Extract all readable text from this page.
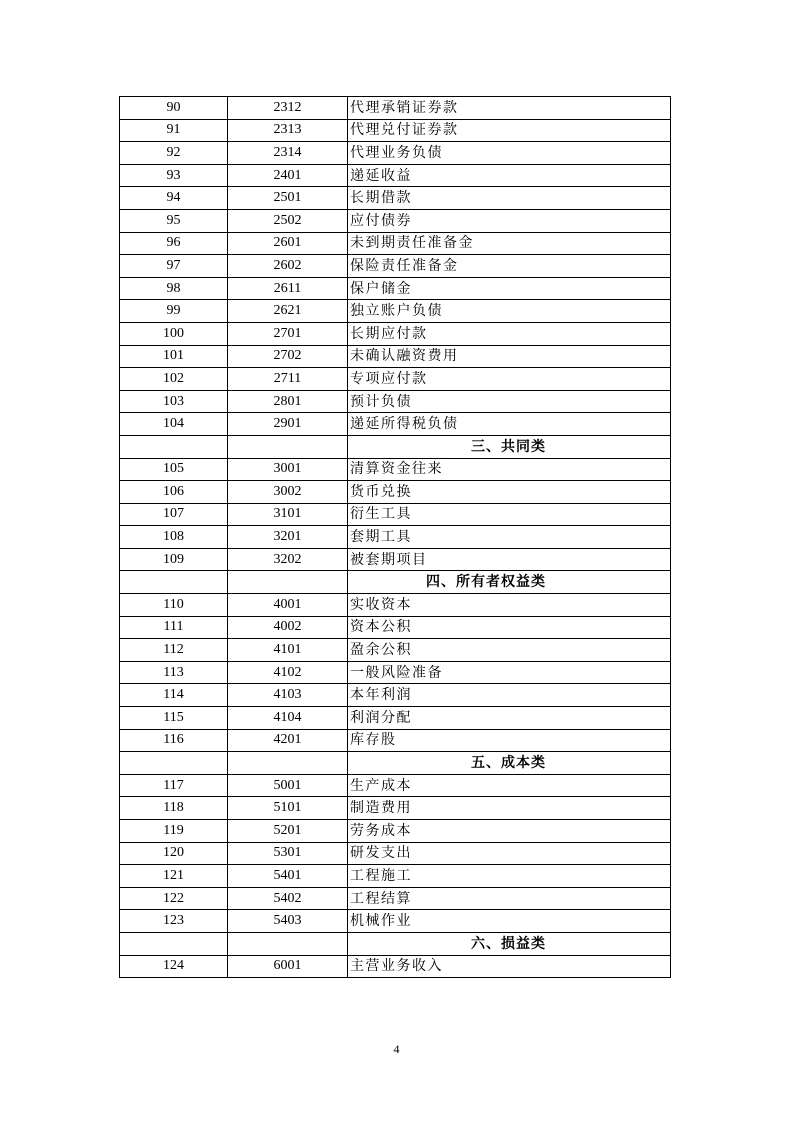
90	2312	代理承销证券款
91	2313	代理兑付证券款
92	2314	代理业务负债
93	2401	递延收益
94	2501	长期借款
95	2502	应付债券
96	2601	未到期责任准备金
97	2602	保险责任准备金
98	2611	保户储金
99	2621	独立账户负债
100	2701	长期应付款
101	2702	未确认融资费用
102	2711	专项应付款
103	2801	预计负债
104	2901	递延所得税负债
		三、共同类
105	3001	清算资金往来
106	3002	货币兑换
107	3101	衍生工具
108	3201	套期工具
109	3202	被套期项目
		四、所有者权益类
110	4001	实收资本
111	4002	资本公积
112	4101	盈余公积
113	4102	一般风险准备
114	4103	本年利润
115	4104	利润分配
116	4201	库存股
		五、成本类
117	5001	生产成本
118	5101	制造费用
119	5201	劳务成本
120	5301	研发支出
121	5401	工程施工
122	5402	工程结算
123	5403	机械作业
		六、损益类
124	6001	主营业务收入
4
